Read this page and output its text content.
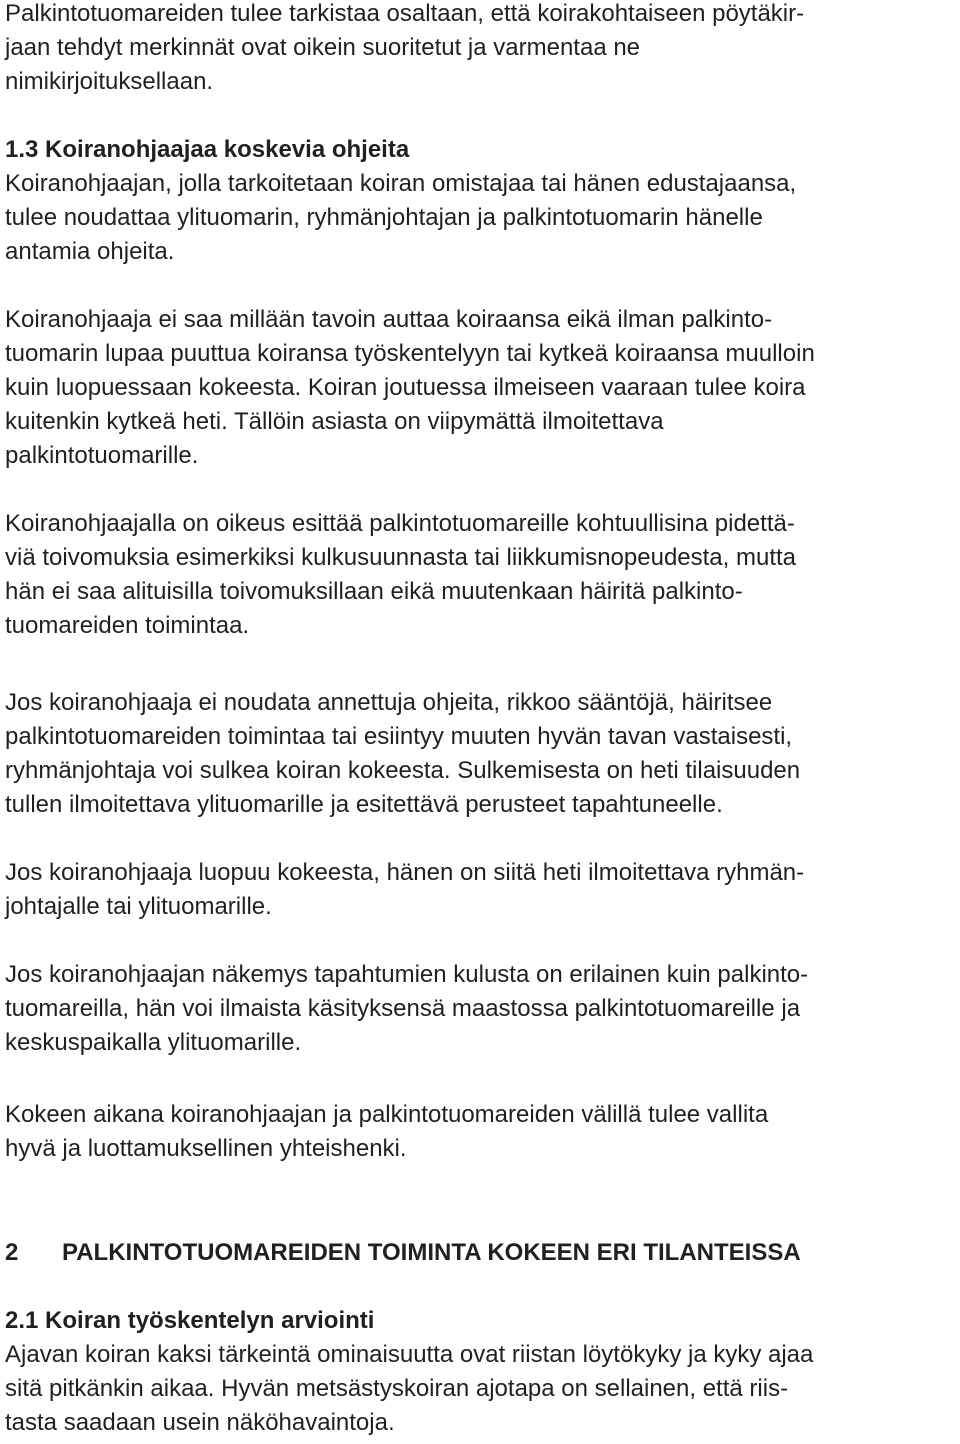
Palkintotuomareiden tulee tarkistaa osaltaan, että koirakohtaiseen pöytäkir-
jaan tehdyt merkinnät ovat oikein suoritetut ja varmentaa ne
nimikirjoituksellaan.
1.3 Koiranohjaajaa koskevia ohjeita
Koiranohjaajan, jolla tarkoitetaan koiran omistajaa tai hänen edustajaansa,
tulee noudattaa ylituomarin, ryhmänjohtajan ja palkintotuomarin hänelle
antamia ohjeita.
Koiranohjaaja ei saa millään tavoin auttaa koiraansa eikä ilman palkinto-
tuomarin lupaa puuttua koiransa työskentelyyn tai kytkeä koiraansa muulloin
kuin luopuessaan kokeesta. Koiran joutuessa ilmeiseen vaaraan tulee koira
kuitenkin kytkeä heti. Tällöin asiasta on viipymättä ilmoitettava
palkintotuomarille.
Koiranohjaajalla on oikeus esittää palkintotuomareille kohtuullisina pidettä-
viä toivomuksia esimerkiksi kulkusuunnasta tai liikkumisnopeudesta, mutta
hän ei saa alituisilla toivomuksillaan eikä muutenkaan häiritä palkinto-
tuomareiden toimintaa.
Jos koiranohjaaja ei noudata annettuja ohjeita, rikkoo sääntöjä, häiritsee
palkintotuomareiden toimintaa tai esiintyy muuten hyvän tavan vastaisesti,
ryhmänjohtaja voi sulkea koiran kokeesta. Sulkemisesta on heti tilaisuuden
tullen ilmoitettava ylituomarille ja esitettävä perusteet tapahtuneelle.
Jos koiranohjaaja luopuu kokeesta, hänen on siitä heti ilmoitettava ryhmän-
johtajalle tai ylituomarille.
Jos koiranohjaajan näkemys tapahtumien kulusta on erilainen kuin palkinto-
tuomareilla, hän voi ilmaista käsityksensä maastossa palkintotuomareille ja
keskuspaikalla ylituomarille.
Kokeen aikana koiranohjaajan ja palkintotuomareiden välillä tulee vallita
hyvä ja luottamuksellinen yhteishenki.
2 PALKINTOTUOMAREIDEN TOIMINTA KOKEEN ERI TILANTEISSA
2.1 Koiran työskentelyn arviointi
Ajavan koiran kaksi tärkeintä ominaisuutta ovat riistan löytökyky ja kyky ajaa
sitä pitkänkin aikaa. Hyvän metsästyskoiran ajotapa on sellainen, että riis-
tasta saadaan usein näköhavaintoja.
